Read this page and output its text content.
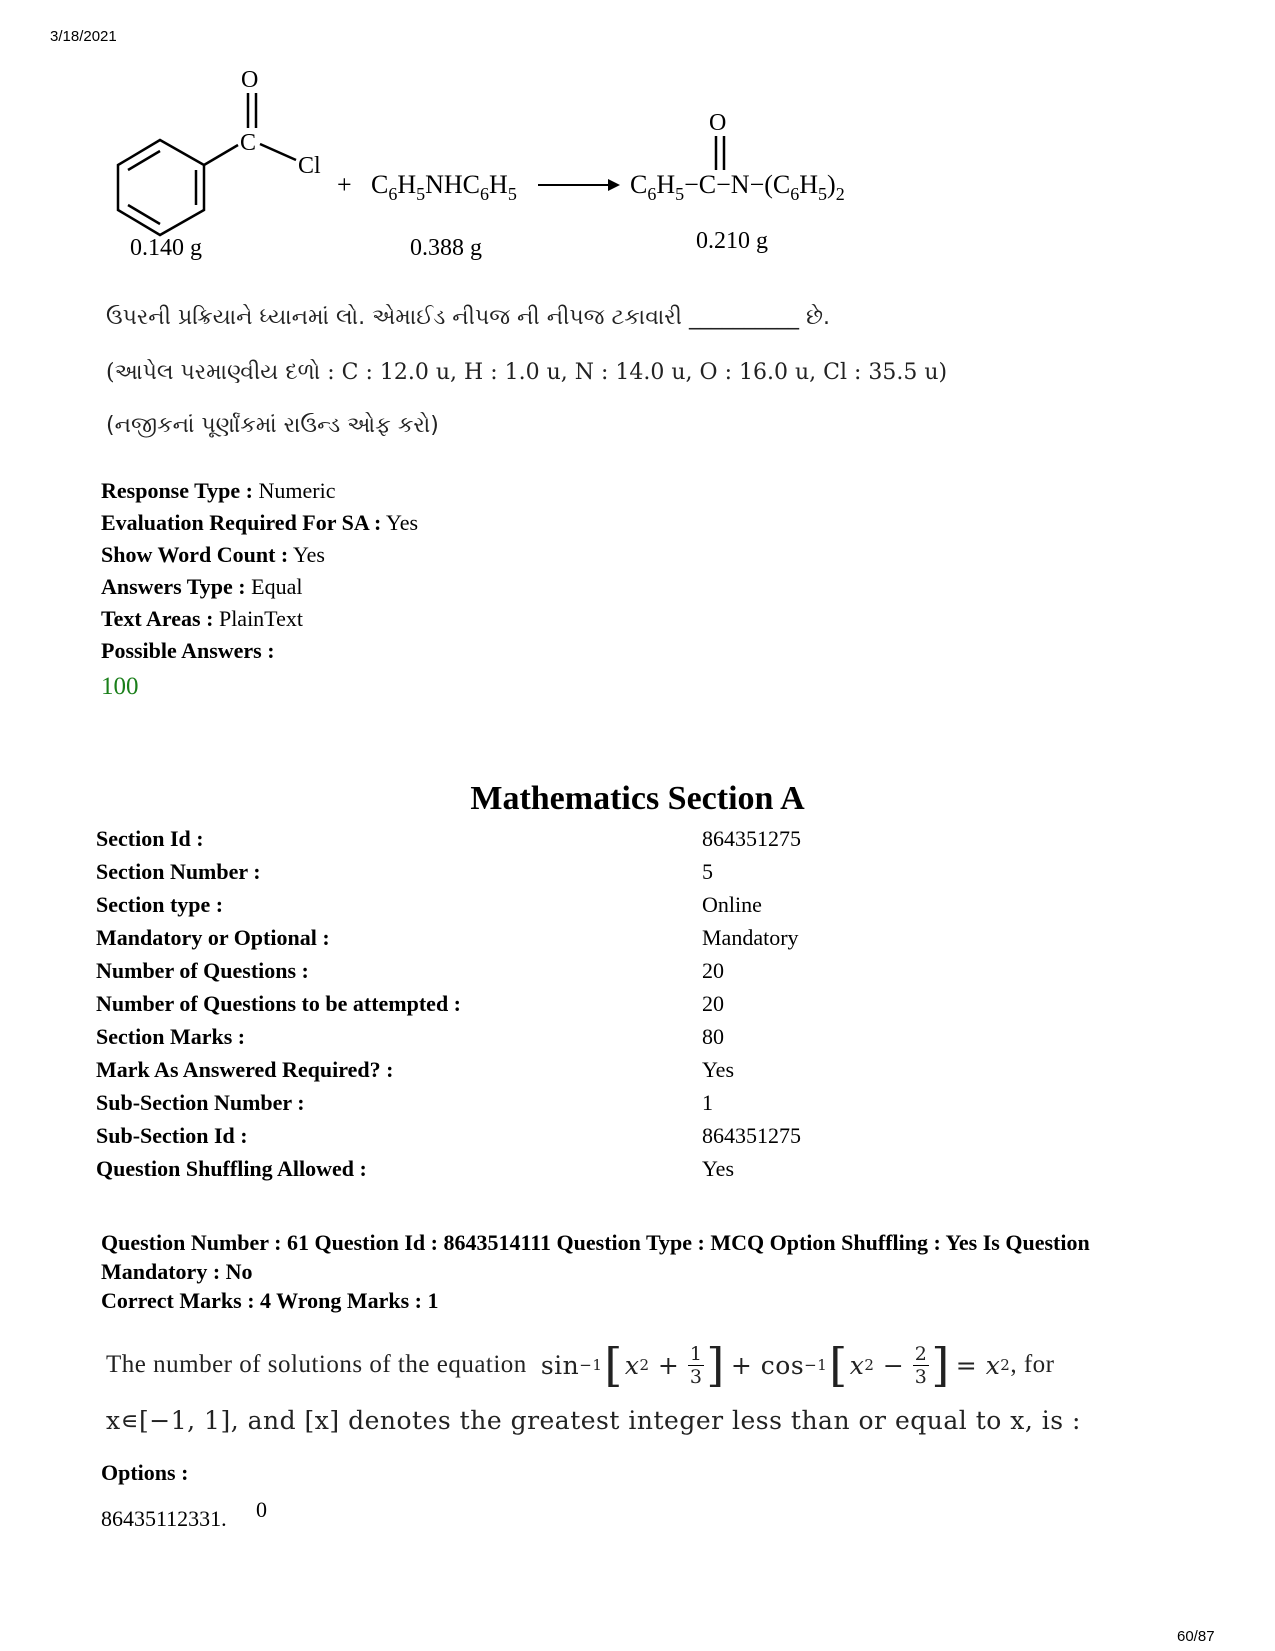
3/18/2021
C
O
Cl
+ $C_6H_5NHC_6H_5$	$C_6H_5-C-N-(C_6H_5)_2$
O
0.140 g	0.388 g	0.210 g
ઉપરની પ્રક્રિયાને ધ્યાનમાં લો. એમાઈડ નીપજ ની નીપજ ટકાવારી __________ છે.
(આપેલ પરમાણ્વીય દળો : C : 12.0 u, H : 1.0 u, N : 14.0 u, O : 16.0 u, Cl : 35.5 u)
(નજીકનાં પૂર્ણાંકમાં રાઉન્ડ ઓફ કરો)
Response Type : Numeric
Evaluation Required For SA : Yes
Show Word Count : Yes
Answers Type : Equal
Text Areas : PlainText
Possible Answers :
100
Mathematics Section A
Section Id :	864351275
Section Number :	5
Section type :	Online
Mandatory or Optional :	Mandatory
Number of Questions :	20
Number of Questions to be attempted :	20
Section Marks :	80
Mark As Answered Required? :	Yes
Sub-Section Number :	1
Sub-Section Id :	864351275
Question Shuffling Allowed :	Yes
Question Number : 61 Question Id : 8643514111 Question Type : MCQ Option Shuffling : Yes Is Question
Mandatory : No
Correct Marks : 4 Wrong Marks : 1
The number of solutions of the equation sin −1 [ x 2 + 1
3 ] + cos −1 [ x 2 − 2
3 ] = x 2 , for
x∊[−1, 1], and [x] denotes the greatest integer less than or equal to x, is :
Options :
86435112331. 0
60/87
